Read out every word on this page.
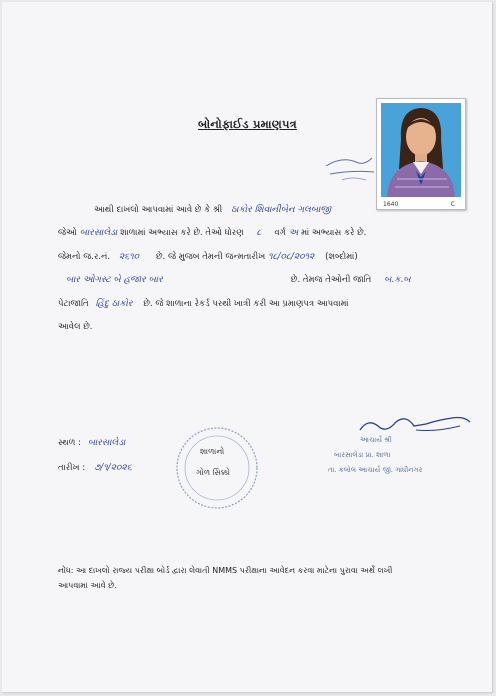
બોનોફાઈડ પ્રમાણપત્ર
1640	C
આથી દાખલો આપવામાં આવે છે કે શ્રી ઠાકોર શિવાનીબેન ગલબાજી
જેઓ બારસાલેડા શાળામાં અભ્યાસ કરે છે. તેઓ ધોરણ ૮ વર્ગ અ માં અભ્યાસ કરે છે.
જેમનો જ.ર.નં. ૨૬૧૦ છે. જે મુજબ તેમની જન્મતારીખ ૧૮/૦૮/૨૦૧૨ (શબ્દોમાં)
બાર ઓગસ્ટ બે હજાર બાર	છે. તેમજ તેઓની જાતિ બ.ક.બ
પેટાજાતિ હિંદુ ઠાકોર છે. જે શાળાના રેકર્ડ પરથી ખાત્રી કરી આ પ્રમાણપત્ર આપવામાં
આવેલ છે.
સ્થળ : બારસાલેડા
તારીખ : ૭/૧/૨૦૨૬
શાળાનો
ગોળ સિક્કો
આચાર્ય શ્રી
બારસાલેડા પ્રા. શાળા
તા. કલોલ આચાર્ય જી. ગાંધીનગર
નોંધ: આ દાખલો રાજ્ય પરીક્ષા બોર્ડ દ્વારા લેવાતી NMMS પરીક્ષાના આવેદન કરવા માટેના પુરાવા અર્થે લખી
આપવામાં આવે છે.
